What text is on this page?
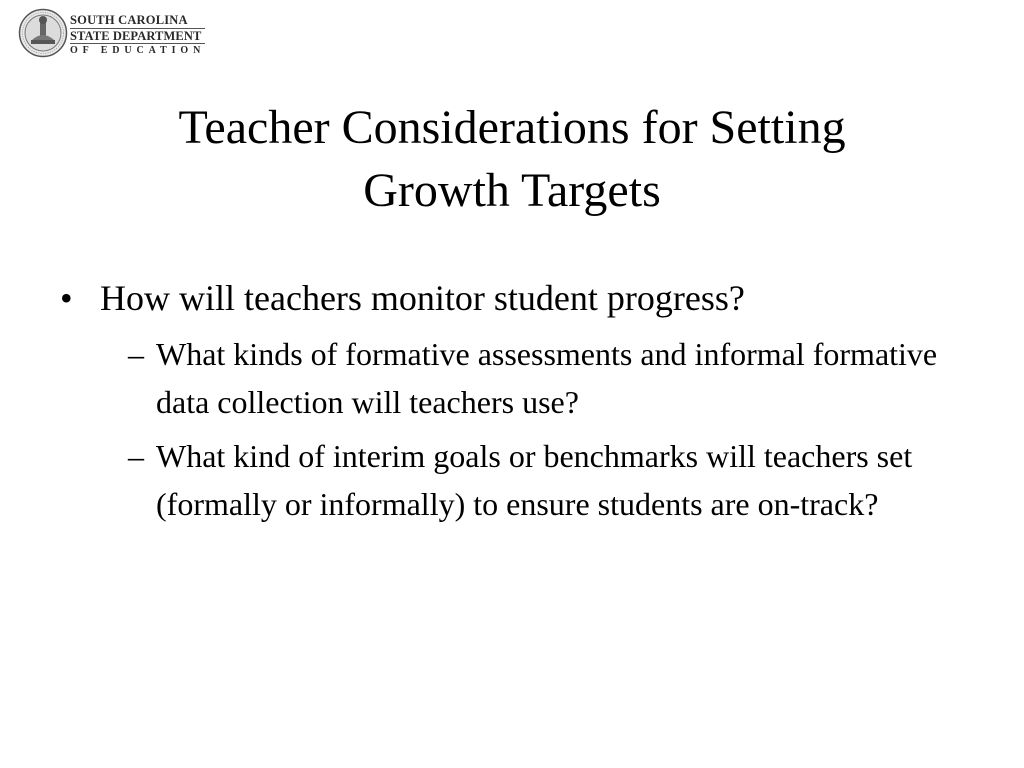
SOUTH CAROLINA
STATE DEPARTMENT
OF EDUCATION
Teacher Considerations for Setting
Growth Targets
• How will teachers monitor student progress?
– What kinds of formative assessments and informal formative data collection will teachers use?
– What kind of interim goals or benchmarks will teachers set (formally or informally) to ensure students are on-track?
